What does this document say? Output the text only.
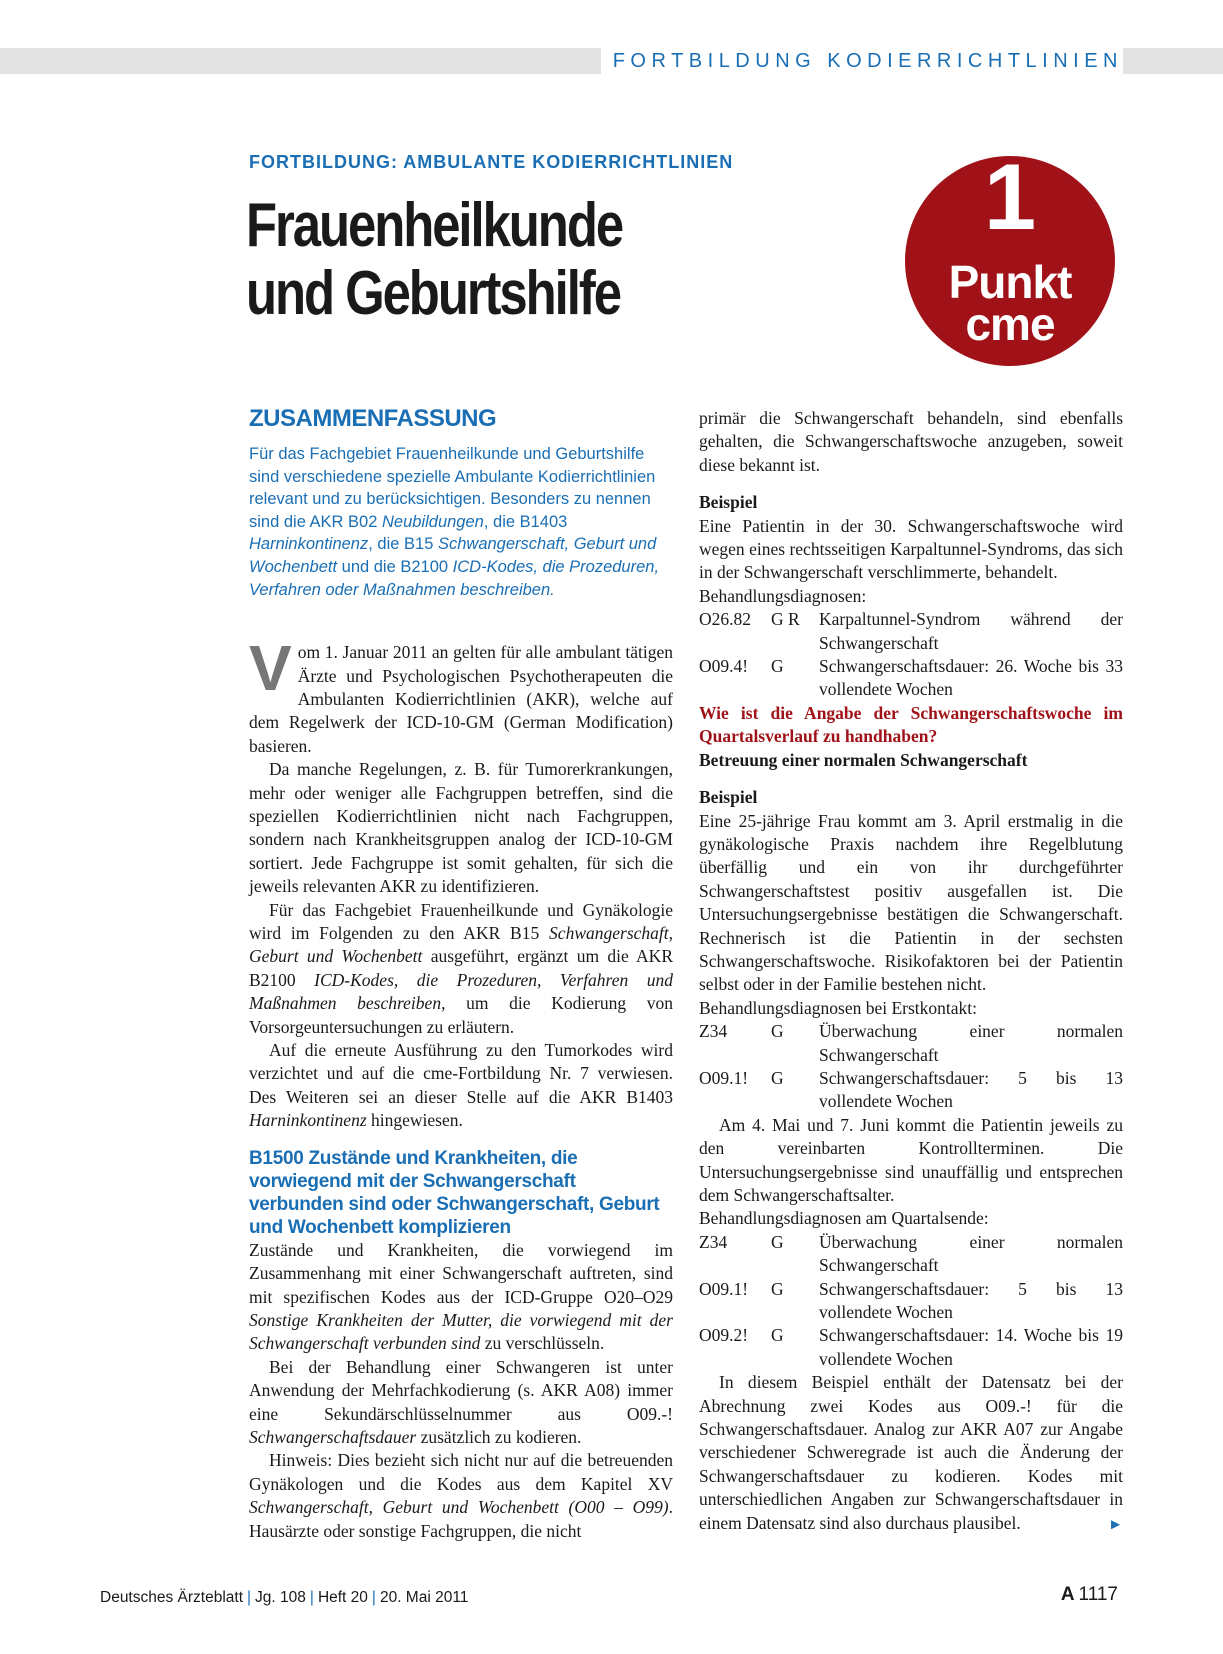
FORTBILDUNG KODIERRICHTLINIEN
FORTBILDUNG: AMBULANTE KODIERRICHTLINIEN
Frauenheilkunde
und Geburtshilfe
1
Punkt
cme
ZUSAMMENFASSUNG

Für das Fachgebiet Frauenheilkunde und Geburtshilfe sind verschiedene spezielle Ambulante Kodierrichtlinien relevant und zu berücksichtigen. Besonders zu nennen sind die AKR B02 Neubildungen, die B1403 Harninkontinenz, die B15 Schwangerschaft, Geburt und Wochenbett und die B2100 ICD-Kodes, die Prozeduren, Verfahren oder Maßnahmen beschreiben.

Vom 1. Januar 2011 an gelten für alle ambulant tätigen Ärzte und Psychologischen Psychotherapeuten die Ambulanten Kodierrichtlinien (AKR), welche auf dem Regelwerk der ICD-10-GM (German Modification) basieren.

Da manche Regelungen, z. B. für Tumorerkrankungen, mehr oder weniger alle Fachgruppen betreffen, sind die speziellen Kodierrichtlinien nicht nach Fachgruppen, sondern nach Krankheitsgruppen analog der ICD-10-GM sortiert. Jede Fachgruppe ist somit gehalten, für sich die jeweils relevanten AKR zu identifizieren.

Für das Fachgebiet Frauenheilkunde und Gynäkologie wird im Folgenden zu den AKR B15 Schwangerschaft, Geburt und Wochenbett ausgeführt, ergänzt um die AKR B2100 ICD-Kodes, die Prozeduren, Verfahren und Maßnahmen beschreiben, um die Kodierung von Vorsorgeuntersuchungen zu erläutern.

Auf die erneute Ausführung zu den Tumorkodes wird verzichtet und auf die cme-Fortbildung Nr. 7 verwiesen. Des Weiteren sei an dieser Stelle auf die AKR B1403 Harninkontinenz hingewiesen.

B1500 Zustände und Krankheiten, die vorwiegend mit der Schwangerschaft verbunden sind oder Schwangerschaft, Geburt und Wochenbett komplizieren

Zustände und Krankheiten, die vorwiegend im Zusammenhang mit einer Schwangerschaft auftreten, sind mit spezifischen Kodes aus der ICD-Gruppe O20–O29 Sonstige Krankheiten der Mutter, die vorwiegend mit der Schwangerschaft verbunden sind zu verschlüsseln.

Bei der Behandlung einer Schwangeren ist unter Anwendung der Mehrfachkodierung (s. AKR A08) immer eine Sekundärschlüsselnummer aus O09.-! Schwangerschaftsdauer zusätzlich zu kodieren.

Hinweis: Dies bezieht sich nicht nur auf die betreuenden Gynäkologen und die Kodes aus dem Kapitel XV Schwangerschaft, Geburt und Wochenbett (O00 – O99). Hausärzte oder sonstige Fachgruppen, die nicht

primär die Schwangerschaft behandeln, sind ebenfalls gehalten, die Schwangerschaftswoche anzugeben, soweit diese bekannt ist.

Beispiel

Eine Patientin in der 30. Schwangerschaftswoche wird wegen eines rechtsseitigen Karpaltunnel-Syndroms, das sich in der Schwangerschaft verschlimmerte, behandelt.

Behandlungsdiagnosen:

O26.82	G R	Karpaltunnel-Syndrom während der Schwangerschaft
O09.4!	G	Schwangerschaftsdauer: 26. Woche bis 33 vollendete Wochen

Wie ist die Angabe der Schwangerschaftswoche im Quartalsverlauf zu handhaben?

Betreuung einer normalen Schwangerschaft

Beispiel

Eine 25-jährige Frau kommt am 3. April erstmalig in die gynäkologische Praxis nachdem ihre Regelblutung überfällig und ein von ihr durchgeführter Schwangerschaftstest positiv ausgefallen ist. Die Untersuchungsergebnisse bestätigen die Schwangerschaft. Rechnerisch ist die Patientin in der sechsten Schwangerschaftswoche. Risikofaktoren bei der Patientin selbst oder in der Familie bestehen nicht.

Behandlungsdiagnosen bei Erstkontakt:

Z34	G	Überwachung einer normalen Schwangerschaft
O09.1!	G	Schwangerschaftsdauer: 5 bis 13 vollendete Wochen

Am 4. Mai und 7. Juni kommt die Patientin jeweils zu den vereinbarten Kontrollterminen. Die Untersuchungsergebnisse sind unauffällig und entsprechen dem Schwangerschaftsalter.

Behandlungsdiagnosen am Quartalsende:

Z34	G	Überwachung einer normalen Schwangerschaft
O09.1!	G	Schwangerschaftsdauer: 5 bis 13 vollendete Wochen
O09.2!	G	Schwangerschaftsdauer: 14. Woche bis 19 vollendete Wochen

In diesem Beispiel enthält der Datensatz bei der Abrechnung zwei Kodes aus O09.-! für die Schwangerschaftsdauer. Analog zur AKR A07 zur Angabe verschiedener Schweregrade ist auch die Änderung der Schwangerschaftsdauer zu kodieren. Kodes mit unterschiedlichen Angaben zur Schwangerschaftsdauer in einem Datensatz sind also durchaus plausibel.	►

Deutsches Ärzteblatt | Jg. 108 | Heft 20 | 20. Mai 2011	A 1117
